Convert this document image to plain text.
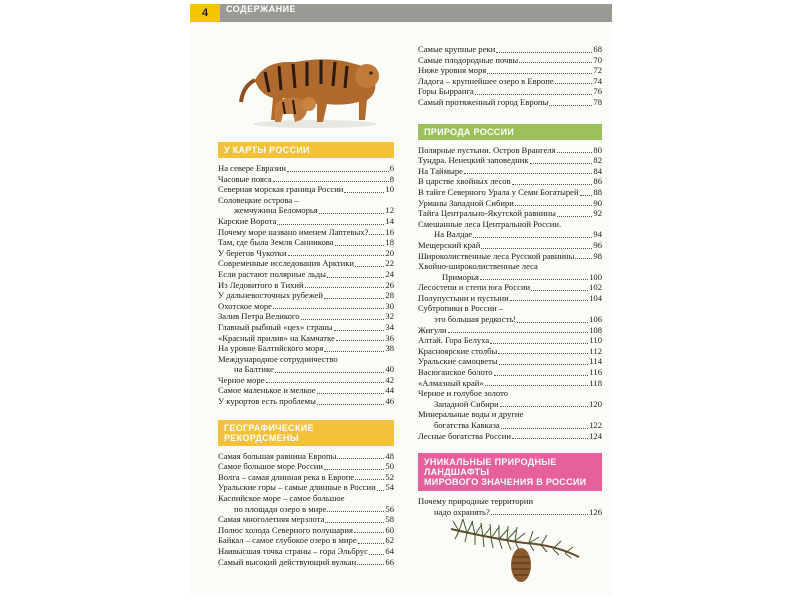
4	СОДЕРЖАНИЕ
У КАРТЫ РОССИИ
На севере Евразии	6
Часовые пояса	8
Северная морская граница России	10
Соловецкие острова –
жемчужина Беломорья	12
Карские Ворота	14
Почему море названо именем Лаптевых? 16
Там, где была Земля Санникова	18
У берегов Чукотки	20
Современные исследования Арктики	22
Если растают полярные льды	24
Из Ледовитого в Тихий	26
У дальневосточных рубежей	28
Охотское море	30
Залив Петра Великого	32
Главный рыбный «цех» страны	34
«Красный прилив» на Камчатке	36
На уровне Балтийского моря	38
Международное сотрудничество
на Балтике	40
Черное море	42
Самое маленькое и мелкое	44
У курортов есть проблемы	46
ГЕОГРАФИЧЕСКИЕ РЕКОРДСМЕНЫ
Самая большая равнина Европы	48
Самое большое море России	50
Волга – самая длинная река в Европе	52
Уральские горы – самые длинные в России 54
Каспийское море – самое большое
по площади озеро в мире	56
Самая многолетняя мерзлота	58
Полюс холода Северного полушария	60
Байкал – самое глубокое озеро в мире	62
Наивысшая точка страны – гора Эльбрус 64
Самый высокий действующий вулкан	66
Самые крупные реки	68
Самые плодородные почвы	70
Ниже уровня моря	72
Ладога – крупнейшее озеро в Европе	74
Горы Бырранга	76
Самый протяженный город Европы	78
ПРИРОДА РОССИИ
Полярные пустыни. Остров Врангеля	80
Тундра. Ненецкий заповедник	82
На Таймыре	84
В царстве хвойных лесов	86
В тайге Северного Урала у Семи Богатырей 88
Урманы Западной Сибири	90
Тайга Центрально-Якутской равнины	92
Смешанные леса Центральной России.
На Валдае	94
Мещерский край	96
Широколиственные леса Русской равнины 98
Хвойно-широколиственные леса
Приморья	100
Лесостепи и степи юга России	102
Полупустыни и пустыни	104
Субтропики в России –
это большая редкость!	106
Жигули	108
Алтай. Гора Белуха	110
Красноярские столбы	112
Уральские самоцветы	114
Васюганское болото	116
«Алмазный край»	118
Черное и голубое золото
Западной Сибири	120
Минеральные воды и другие
богатства Кавказа	122
Лесные богатства России	124
УНИКАЛЬНЫЕ ПРИРОДНЫЕ ЛАНДШАФТЫ
МИРОВОГО ЗНАЧЕНИЯ В РОССИИ
Почему природные территории
надо охранять?	126
